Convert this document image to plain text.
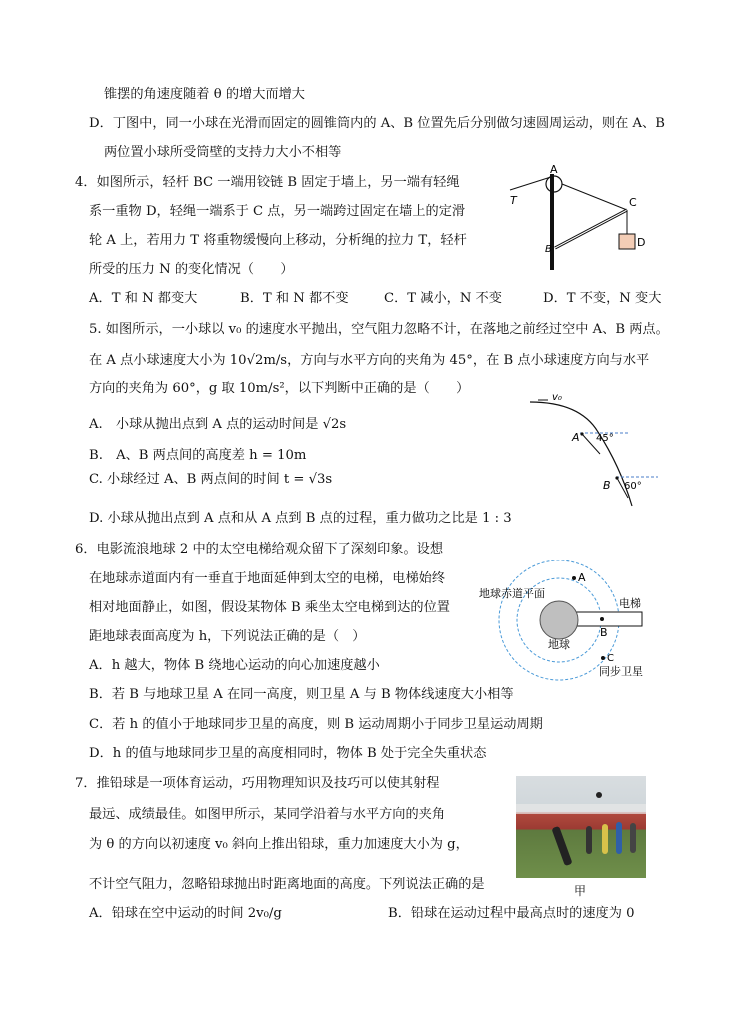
锥摆的角速度随着 θ 的增大而增大
D．丁图中，同一小球在光滑而固定的圆锥筒内的 A、B 位置先后分别做匀速圆周运动，则在 A、B
两位置小球所受筒壁的支持力大小不相等
4．如图所示，轻杆 BC 一端用铰链 B 固定于墙上，另一端有轻绳
系一重物 D，轻绳一端系于 C 点，另一端跨过固定在墙上的定滑
轮 A 上，若用力 T 将重物缓慢向上移动，分析绳的拉力 T，轻杆
所受的压力 N 的变化情况（　　）
A．T 和 N 都变大	B．T 和 N 都不变	C．T 减小，N 不变	D．T 不变，N 变大
5. 如图所示，一小球以 v₀ 的速度水平抛出，空气阻力忽略不计，在落地之前经过空中 A、B 两点。
在 A 点小球速度大小为 10√2m/s，方向与水平方向的夹角为 45°，在 B 点小球速度方向与水平
方向的夹角为 60°，g 取 10m/s²，以下判断中正确的是（　　）
A.　小球从抛出点到 A 点的运动时间是 √2s
B.　A、B 两点间的高度差 h = 10m
C. 小球经过 A、B 两点间的时间 t = √3s
D. 小球从抛出点到 A 点和从 A 点到 B 点的过程，重力做功之比是 1 : 3
6．电影流浪地球 2 中的太空电梯给观众留下了深刻印象。设想
在地球赤道面内有一垂直于地面延伸到太空的电梯，电梯始终
相对地面静止，如图，假设某物体 B 乘坐太空电梯到达的位置
距地球表面高度为 h，下列说法正确的是（　）
A．h 越大，物体 B 绕地心运动的向心加速度越小
B．若 B 与地球卫星 A 在同一高度，则卫星 A 与 B 物体线速度大小相等
C．若 h 的值小于地球同步卫星的高度，则 B 运动周期小于同步卫星运动周期
D．h 的值与地球同步卫星的高度相同时，物体 B 处于完全失重状态
7．推铅球是一项体育运动，巧用物理知识及技巧可以使其射程
最远、成绩最佳。如图甲所示，某同学沿着与水平方向的夹角
为 θ 的方向以初速度 v₀ 斜向上推出铅球，重力加速度大小为 g，
不计空气阻力，忽略铅球抛出时距离地面的高度。下列说法正确的是
A．铅球在空中运动的时间 2v₀/g	B．铅球在运动过程中最高点时的速度为 0
A
B
C
D
T
v₀
A 45°
B 60°
A
B
C
地球赤道平面
电梯
地球
同步卫星
甲
